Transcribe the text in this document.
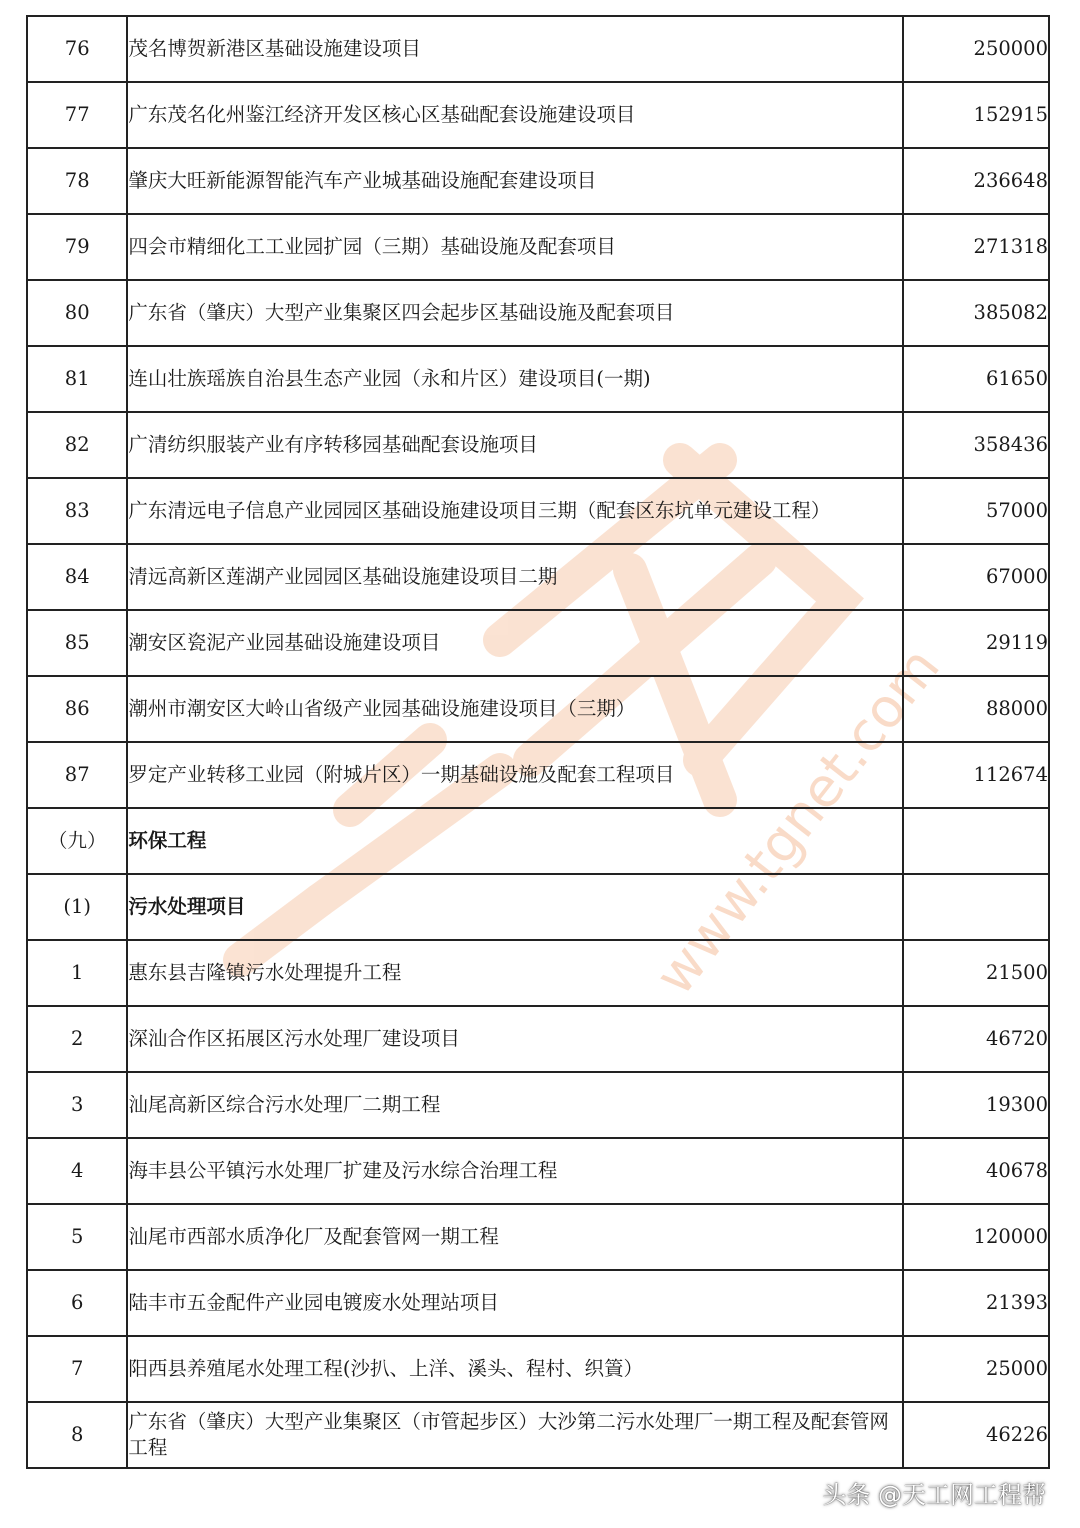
www.tgnet.com
76	茂名博贺新港区基础设施建设项目	250000
77	广东茂名化州鉴江经济开发区核心区基础配套设施建设项目	152915
78	肇庆大旺新能源智能汽车产业城基础设施配套建设项目	236648
79	四会市精细化工工业园扩园（三期）基础设施及配套项目	271318
80	广东省（肇庆）大型产业集聚区四会起步区基础设施及配套项目	385082
81	连山壮族瑶族自治县生态产业园（永和片区）建设项目(一期)	61650
82	广清纺织服装产业有序转移园基础配套设施项目	358436
83	广东清远电子信息产业园园区基础设施建设项目三期（配套区东坑单元建设工程）	57000
84	清远高新区莲湖产业园园区基础设施建设项目二期	67000
85	潮安区瓷泥产业园基础设施建设项目	29119
86	潮州市潮安区大岭山省级产业园基础设施建设项目（三期）	88000
87	罗定产业转移工业园（附城片区）一期基础设施及配套工程项目	112674
（九）	环保工程	
(1)	污水处理项目	
1	惠东县吉隆镇污水处理提升工程	21500
2	深汕合作区拓展区污水处理厂建设项目	46720
3	汕尾高新区综合污水处理厂二期工程	19300
4	海丰县公平镇污水处理厂扩建及污水综合治理工程	40678
5	汕尾市西部水质净化厂及配套管网一期工程	120000
6	陆丰市五金配件产业园电镀废水处理站项目	21393
7	阳西县养殖尾水处理工程(沙扒、上洋、溪头、程村、织篢）	25000
8	广东省（肇庆）大型产业集聚区（市管起步区）大沙第二污水处理厂一期工程及配套管网工程	46226
头条 @天工网工程帮
